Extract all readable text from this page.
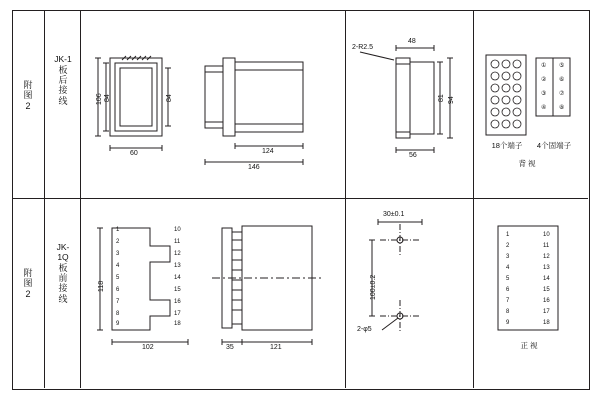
附
图
2
JK-1
板
后
接
线	106 84	84
60	124
146
2-R2.5
48
81 94
56
① ⑤
② ⑥
③ ⑦
④ ⑧
18个端子	4个固端子
背 视
附
图
2
JK-1Q
板
前
接
线
1
2
3
4
5
6
7
8
9
10
11
12
13
14
15
16
17
18
118
102	35	121
30±0.1
100±0.2
2-φ5
1
2
3
4
5
6
7
8
9
10
11
12
13
14
15
16
17
18
正 视
